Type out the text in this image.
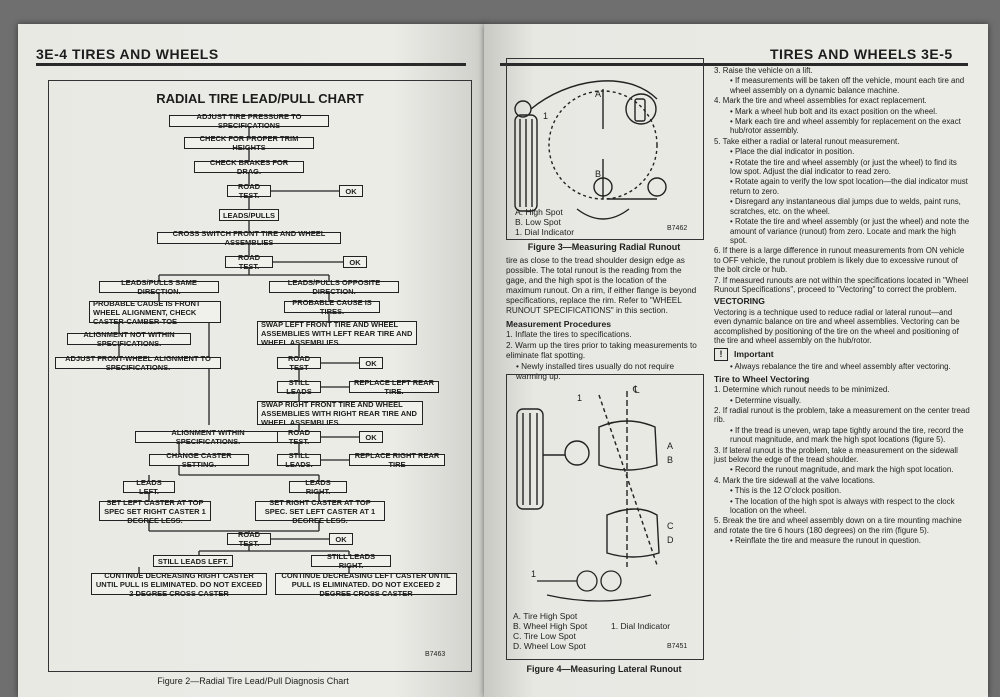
3E-4 TIRES AND WHEELS
RADIAL TIRE LEAD/PULL CHART
ADJUST TIRE PRESSURE TO SPECIFICATIONS
CHECK FOR PROPER TRIM HEIGHTS
CHECK BRAKES FOR DRAG.
ROAD TEST.	OK
LEADS/PULLS
CROSS SWITCH FRONT TIRE AND WHEEL ASSEMBLIES
ROAD TEST.	OK
LEADS/PULLS SAME DIRECTION.
LEADS/PULLS OPPOSITE DIRECTION.
PROBABLE CAUSE IS FRONT WHEEL ALIGNMENT, CHECK CASTER-CAMBER-TOE
PROBABLE CAUSE IS TIRES.
SWAP LEFT FRONT TIRE AND WHEEL ASSEMBLIES WITH LEFT REAR TIRE AND WHEEL ASSEMBLIES.
ALIGNMENT NOT WITHIN SPECIFICATIONS.
ADJUST FRONT-WHEEL ALIGNMENT TO SPECIFICATIONS.
ROAD TEST	OK
STILL LEADS
REPLACE LEFT REAR TIRE.
SWAP RIGHT FRONT TIRE AND WHEEL ASSEMBLIES WITH RIGHT REAR TIRE AND WHEEL ASSEMBLIES.
ALIGNMENT WITHIN SPECIFICATIONS.
ROAD TEST.	OK
CHANGE CASTER SETTING.
STILL LEADS.
REPLACE RIGHT REAR TIRE
LEADS LEFT.
LEADS RIGHT.
SET LEFT CASTER AT TOP SPEC SET RIGHT CASTER 1 DEGREE LESS.
SET RIGHT CASTER AT TOP SPEC. SET LEFT CASTER AT 1 DEGREE LESS.
ROAD TEST.	OK
STILL LEADS LEFT.	STILL LEADS RIGHT.
CONTINUE DECREASING RIGHT CASTER UNTIL PULL IS ELIMINATED. DO NOT EXCEED 2 DEGREE CROSS CASTER
CONTINUE DECREASING LEFT CASTER UNTIL PULL IS ELIMINATED. DO NOT EXCEED 2 DEGREE CROSS CASTER
B7463
Figure 2—Radial Tire Lead/Pull Diagnosis Chart
TIRES AND WHEELS 3E-5
A
B
1
A. High Spot
B. Low Spot
1. Dial Indicator	B7462
Figure 3—Measuring Radial Runout

tire as close to the tread shoulder design edge as possible. The total runout is the reading from the gage, and the high spot is the location of the maximum runout. On a rim, if either flange is beyond specifications, replace the rim. Refer to "WHEEL RUNOUT SPECIFICATIONS" in this section.

Measurement Procedures

1. Inflate the tires to specifications.

2. Warm up the tires prior to taking measurements to eliminate flat spotting.

• Newly installed tires usually do not require warming up.

1
A
B
C
D
℄
1
A. Tire High Spot
B. Wheel High Spot
C. Tire Low Spot
D. Wheel Low Spot
1. Dial Indicator
B7451
Figure 4—Measuring Lateral Runout

3. Raise the vehicle on a lift.

• If measurements will be taken off the vehicle, mount each tire and wheel assembly on a dynamic balance machine.

4. Mark the tire and wheel assemblies for exact replacement.

• Mark a wheel hub bolt and its exact position on the wheel.

• Mark each tire and wheel assembly for replacement on the exact hub/rotor assembly.

5. Take either a radial or lateral runout measurement.

• Place the dial indicator in position.

• Rotate the tire and wheel assembly (or just the wheel) to find its low spot. Adjust the dial indicator to read zero.

• Rotate again to verify the low spot location—the dial indicator must return to zero.

• Disregard any instantaneous dial jumps due to welds, paint runs, scratches, etc. on the wheel.

• Rotate the tire and wheel assembly (or just the wheel) and note the amount of variance (runout) from zero. Locate and mark the high spot.

6. If there is a large difference in runout measurements from ON vehicle to OFF vehicle, the runout problem is likely due to excessive runout of the bolt circle or hub.

7. If measured runouts are not within the specifications located in "Wheel Runout Specifications", proceed to "Vectoring" to correct the problem.

VECTORING

Vectoring is a technique used to reduce radial or lateral runout—and even dynamic balance on tire and wheel assemblies. Vectoring can be accomplished by positioning of the tire on the wheel and positioning of the tire and wheel assembly on the hub/rotor.

!	Important

• Always rebalance the tire and wheel assembly after vectoring.

Tire to Wheel Vectoring

1. Determine which runout needs to be minimized.

• Determine visually.

2. If radial runout is the problem, take a measurement on the center tread rib.

• If the tread is uneven, wrap tape tightly around the tire, record the runout magnitude, and mark the high spot locations (figure 5).

3. If lateral runout is the problem, take a measurement on the sidewall just below the edge of the tread shoulder.

• Record the runout magnitude, and mark the high spot location.

4. Mark the tire sidewall at the valve locations.

• This is the 12 O'clock position.

• The location of the high spot is always with respect to the clock location on the wheel.

5. Break the tire and wheel assembly down on a tire mounting machine and rotate the tire 6 hours (180 degrees) on the rim (figure 5).

• Reinflate the tire and measure the runout in question.
